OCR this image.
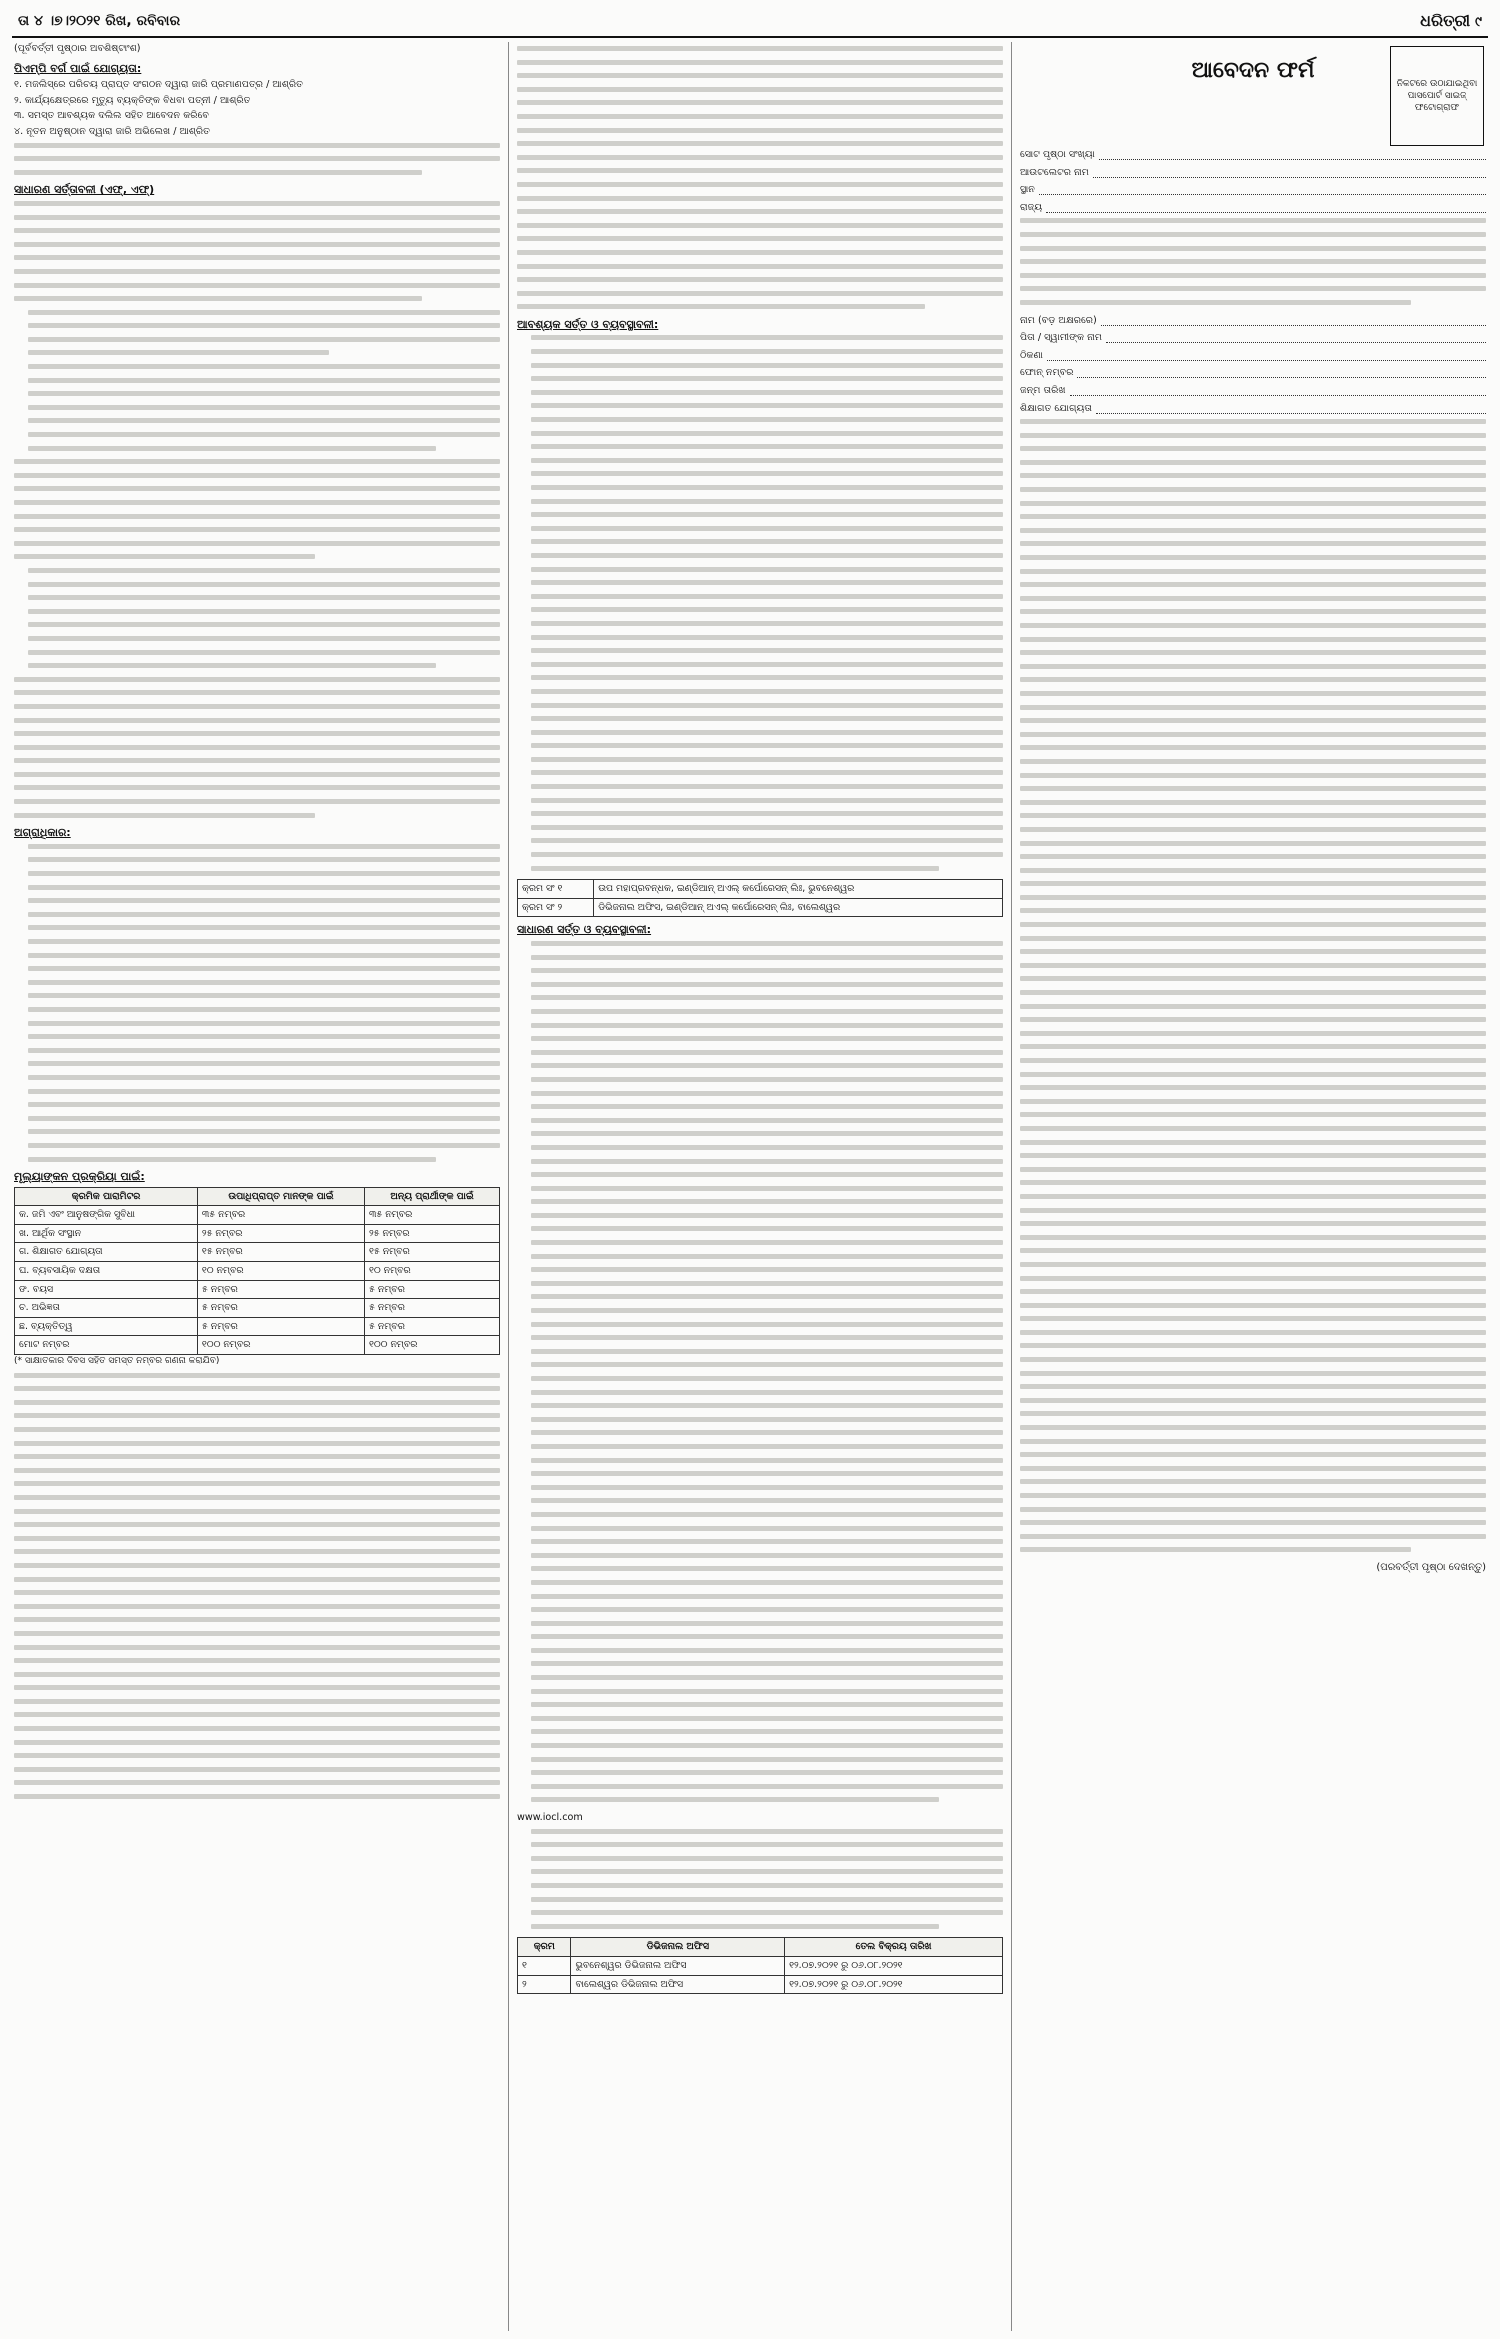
ତା ୪ ।୭।୨୦୨୧ ରିଖ, ରବିବାର	ଧରିତ୍ରୀ ୯

(ପୂର୍ବବର୍ତ୍ତୀ ପୃଷ୍ଠାର ଅବଶିଷ୍ଟାଂଶ)

ପିଏମ୍‌ପି ବର୍ଗ ପାଇଁ ଯୋଗ୍ୟତା:

୧. ମଜଲିସ୍‌ରେ ପରିଚୟ ପ୍ରାପ୍ତ ସଂଗଠନ ଦ୍ୱାରା ଜାରି ପ୍ରମାଣପତ୍ର / ଆଶ୍ରିତ

୨. କାର୍ଯ୍ୟକ୍ଷେତ୍ରରେ ମୃତ୍ୟୁ ବ୍ୟକ୍ତିଙ୍କ ବିଧବା ପତ୍ନୀ / ଆଶ୍ରିତ

୩. ସମସ୍ତ ଆବଶ୍ୟକ ଦଲିଲ ସହିତ ଆବେଦନ କରିବେ

୪. ନୂତନ ଅନୁଷ୍ଠାନ ଦ୍ୱାରା ଜାରି ଅଭିଲେଖ / ଆଶ୍ରିତ

ସାଧାରଣ ସର୍ତ୍ତାବଳୀ (ଏଫ୍, ଏଫ୍)
ଅଗ୍ରାଧିକାର:
ମୂଲ୍ୟାଙ୍କନ ପ୍ରକ୍ରିୟା ପାଇଁ:
କ୍ରମିକ ପାରାମିଟର	ଉପାଧିପ୍ରାପ୍ତ ମାନଙ୍କ ପାଇଁ	ଅନ୍ୟ ପ୍ରାର୍ଥୀଙ୍କ ପାଇଁ
କ. ଜମି ଏବଂ ଆନୁଷଙ୍ଗିକ ସୁବିଧା	୩୫ ନମ୍ବର	୩୫ ନମ୍ବର
ଖ. ଆର୍ଥିକ ସଂସ୍ଥାନ	୨୫ ନମ୍ବର	୨୫ ନମ୍ବର
ଗ. ଶିକ୍ଷାଗତ ଯୋଗ୍ୟତା	୧୫ ନମ୍ବର	୧୫ ନମ୍ବର
ଘ. ବ୍ୟବସାୟିକ ଦକ୍ଷତା	୧୦ ନମ୍ବର	୧୦ ନମ୍ବର
ଙ. ବୟସ	୫ ନମ୍ବର	୫ ନମ୍ବର
ଚ. ଅଭିଜ୍ଞତା	୫ ନମ୍ବର	୫ ନମ୍ବର
ଛ. ବ୍ୟକ୍ତିତ୍ୱ	୫ ନମ୍ବର	୫ ନମ୍ବର
ମୋଟ ନମ୍ବର	୧୦୦ ନମ୍ବର	୧୦୦ ନମ୍ବର

(* ସାକ୍ଷାତକାର ଦିବସ ସହିତ ସମସ୍ତ ନମ୍ବର ଗଣନା କରାଯିବ)

ଆବଶ୍ୟକ ସର୍ତ୍ତ ଓ ବ୍ୟବସ୍ଥାବଳୀ:
କ୍ରମ ସଂ ୧	ଉପ ମହାପ୍ରବନ୍ଧକ, ଇଣ୍ଡିଆନ୍ ଅଏଲ୍ କର୍ପୋରେସନ୍ ଲିଃ, ଭୁବନେଶ୍ୱର
କ୍ରମ ସଂ ୨	ଡିଭିଜନାଲ ଅଫିସ, ଇଣ୍ଡିଆନ୍ ଅଏଲ୍ କର୍ପୋରେସନ୍ ଲିଃ, ବାଲେଶ୍ୱର
ସାଧାରଣ ସର୍ତ୍ତ ଓ ବ୍ୟବସ୍ଥାବଳୀ:

www.iocl.com

କ୍ରମ	ଡିଭିଜନାଲ ଅଫିସ	ତେଲ ବିକ୍ରୟ ତାରିଖ
୧	ଭୁବନେଶ୍ୱର ଡିଭିଜନାଲ ଅଫିସ	୧୨.୦୭.୨୦୨୧ ରୁ ୦୬.୦୮.୨୦୨୧
୨	ବାଲେଶ୍ୱର ଡିଭିଜନାଲ ଅଫିସ	୧୨.୦୭.୨୦୨୧ ରୁ ୦୬.୦୮.୨୦୨୧
ଆବେଦନ ଫର୍ମ
ନିକଟରେ ଉଠାଯାଇଥିବା ପାସପୋର୍ଟ ସାଇଜ୍ ଫଟୋଗ୍ରାଫ
ସୋଟ ପୃଷ୍ଠା ସଂଖ୍ୟା
ଆଉଟଲେଟର ନାମ
ସ୍ଥାନ
ରାଜ୍ୟ
ନାମ (ବଡ଼ ଅକ୍ଷରରେ)
ପିତା / ସ୍ୱାମୀଙ୍କ ନାମ
ଠିକଣା
ଫୋନ୍ ନମ୍ବର
ଜନ୍ମ ତାରିଖ
ଶିକ୍ଷାଗତ ଯୋଗ୍ୟତା
(ପରବର୍ତ୍ତୀ ପୃଷ୍ଠା ଦେଖନ୍ତୁ)
